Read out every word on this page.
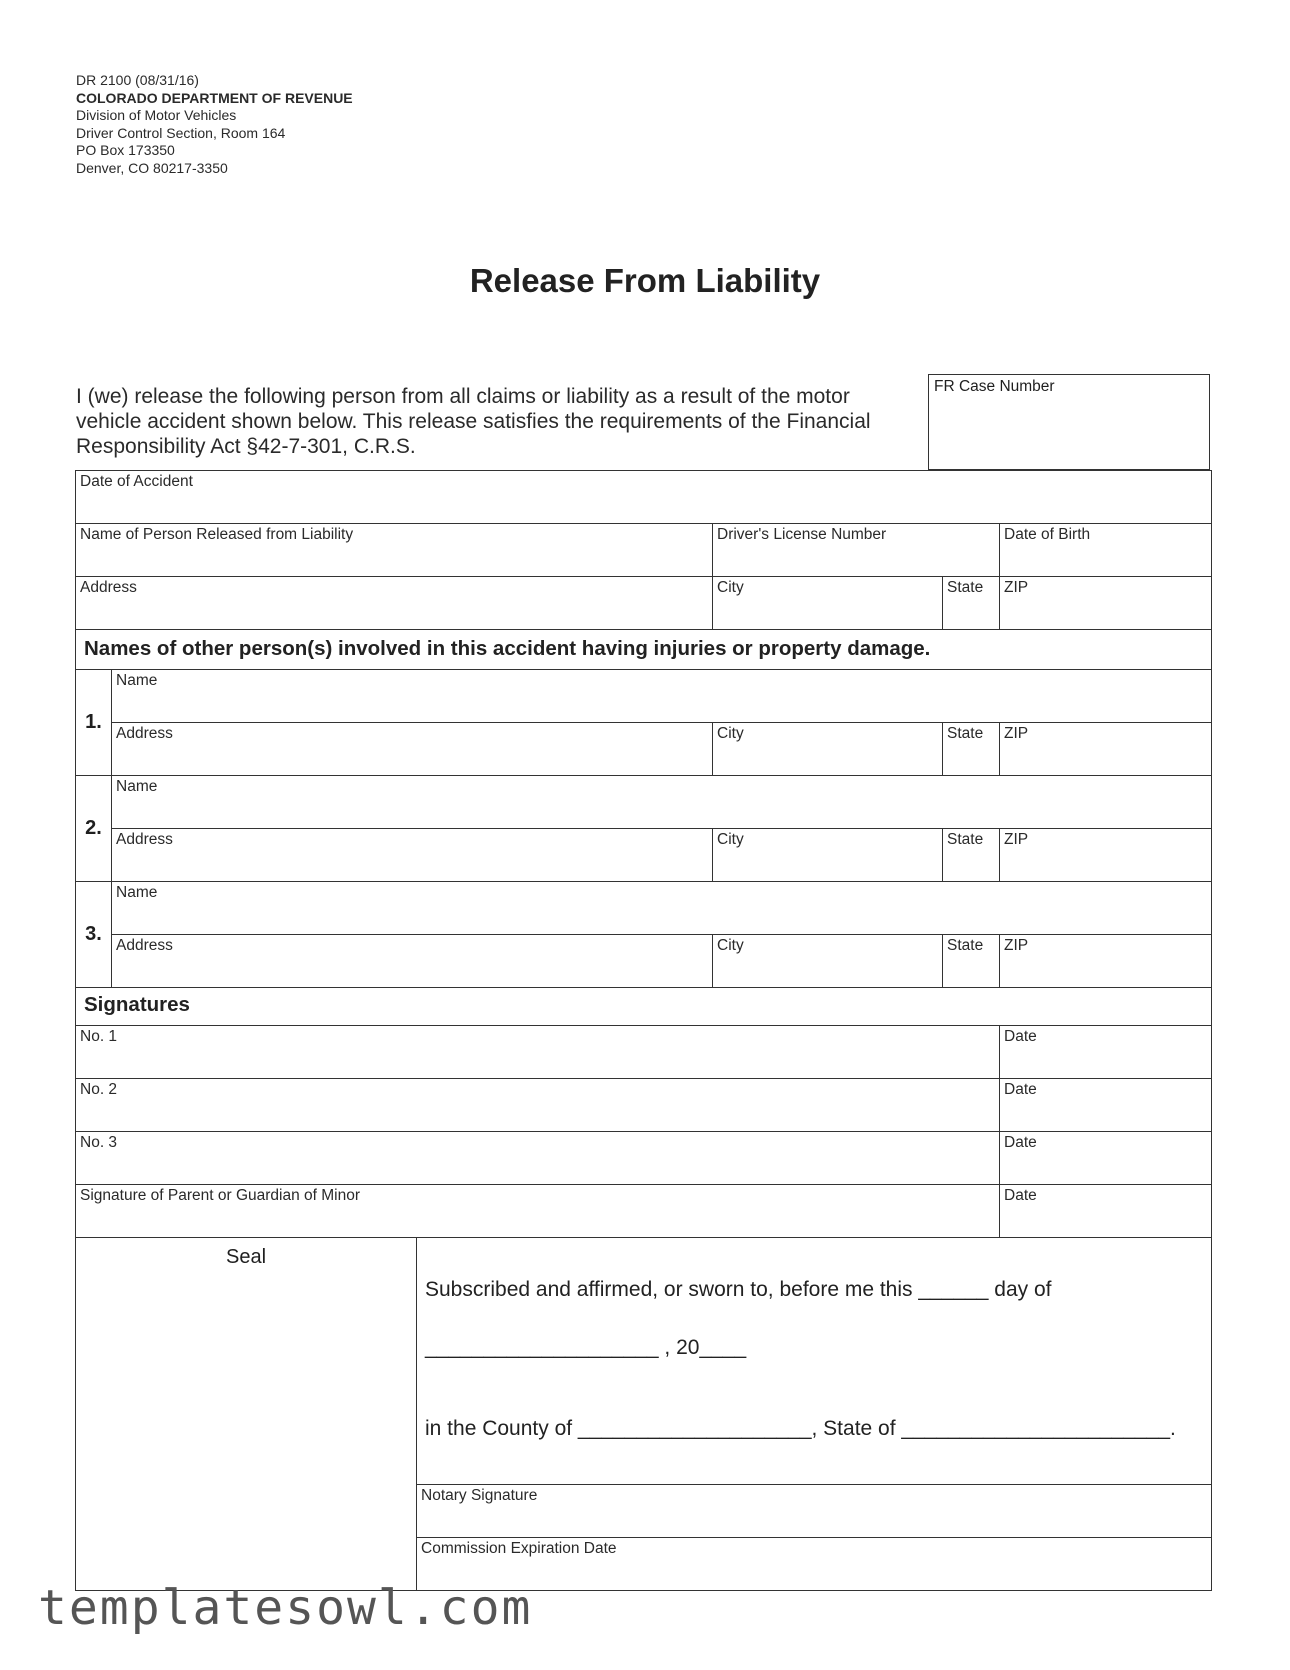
DR 2100 (08/31/16)
COLORADO DEPARTMENT OF REVENUE
Division of Motor Vehicles
Driver Control Section, Room 164
PO Box 173350
Denver, CO 80217-3350
Release From Liability
I (we) release the following person from all claims or liability as a result of the motor vehicle accident shown below. This release satisfies the requirements of the Financial Responsibility Act §42-7-301, C.R.S.
FR Case Number
Date of Accident					

Name of Person Released from Liability			Driver's License Number		Date of Birth

Address			City	State	ZIP

Names of other person(s) involved in this accident having injuries or property damage.					
1.	Name				

	Address		City	State	ZIP

2.	Name				

	Address		City	State	ZIP

3.	Name				

	Address		City	State	ZIP

Signatures					

No. 1					Date

No. 2					Date

No. 3					Date

Signature of Parent or Guardian of Minor					Date

Seal		Subscribed and affirmed, or sworn to, before me this ______ day of
____________________ , 20____
in the County of ____________________, State of _______________________.			

		Notary Signature			

		Commission Expiration Date			
templatesowl.com
